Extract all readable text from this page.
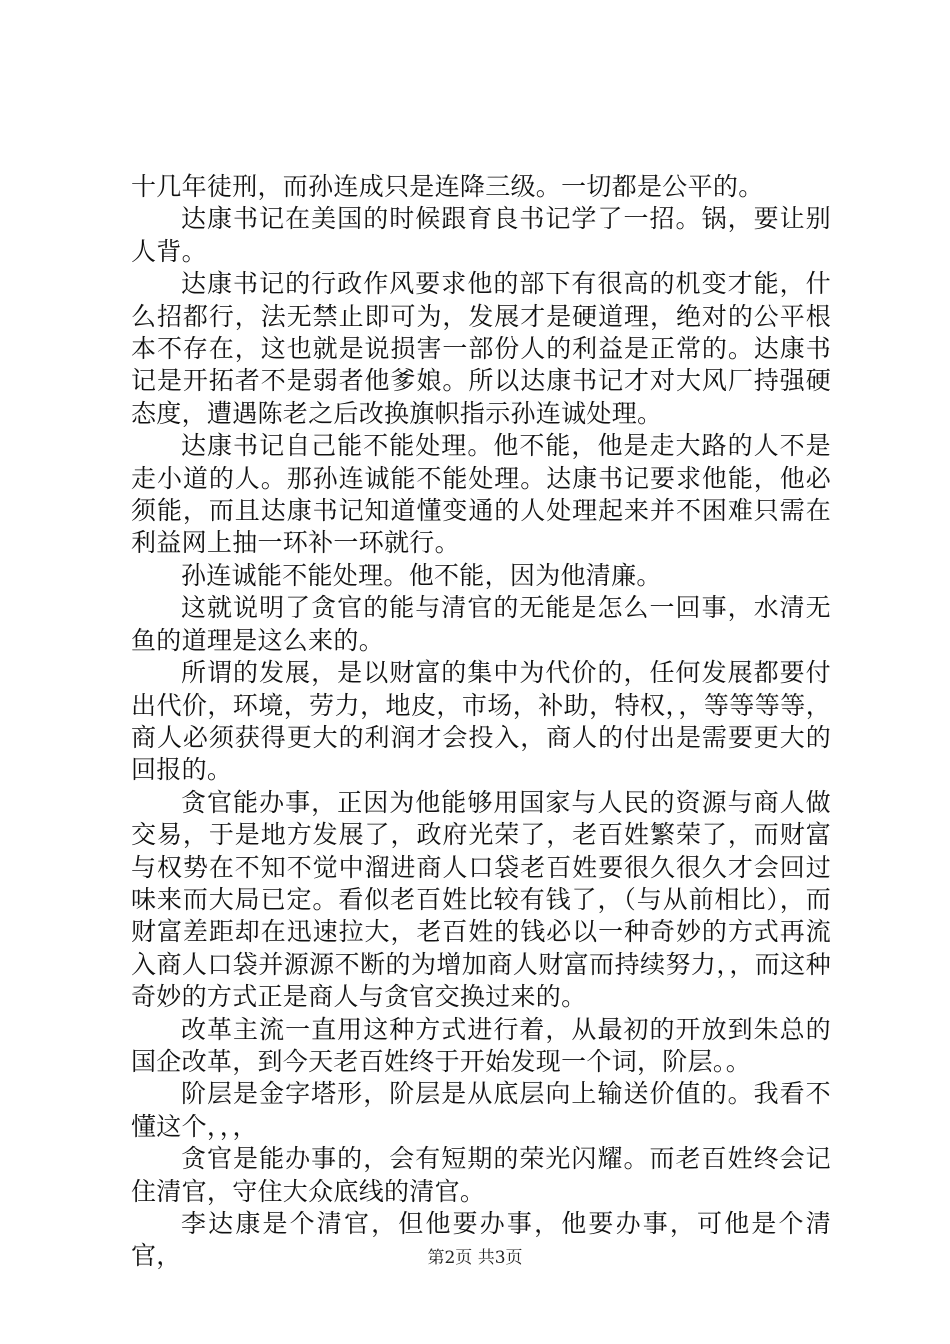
十几年徒刑，而孙连成只是连降三级。一切都是公平的。

达康书记在美国的时候跟育良书记学了一招。锅，要让别人背。

达康书记的行政作风要求他的部下有很高的机变才能，什么招都行，法无禁止即可为，发展才是硬道理，绝对的公平根本不存在，这也就是说损害一部份人的利益是正常的。达康书记是开拓者不是弱者他爹娘。所以达康书记才对大风厂持强硬态度，遭遇陈老之后改换旗帜指示孙连诚处理。

达康书记自己能不能处理。他不能，他是走大路的人不是走小道的人。那孙连诚能不能处理。达康书记要求他能，他必须能，而且达康书记知道懂变通的人处理起来并不困难只需在利益网上抽一环补一环就行。

孙连诚能不能处理。他不能，因为他清廉。

这就说明了贪官的能与清官的无能是怎么一回事，水清无鱼的道理是这么来的。

所谓的发展，是以财富的集中为代价的，任何发展都要付出代价，环境，劳力，地皮，市场，补助，特权，，等等等等，商人必须获得更大的利润才会投入，商人的付出是需要更大的回报的。

贪官能办事，正因为他能够用国家与人民的资源与商人做交易，于是地方发展了，政府光荣了，老百姓繁荣了，而财富与权势在不知不觉中溜进商人口袋老百姓要很久很久才会回过味来而大局已定。看似老百姓比较有钱了，（与从前相比），而财富差距却在迅速拉大，老百姓的钱必以一种奇妙的方式再流入商人口袋并源源不断的为增加商人财富而持续努力，，而这种奇妙的方式正是商人与贪官交换过来的。

改革主流一直用这种方式进行着，从最初的开放到朱总的国企改革，到今天老百姓终于开始发现一个词，阶层。。

阶层是金字塔形，阶层是从底层向上输送价值的。我看不懂这个，，，

贪官是能办事的，会有短期的荣光闪耀。而老百姓终会记住清官，守住大众底线的清官。

李达康是个清官，但他要办事，他要办事，可他是个清官，	第2页 共3页
